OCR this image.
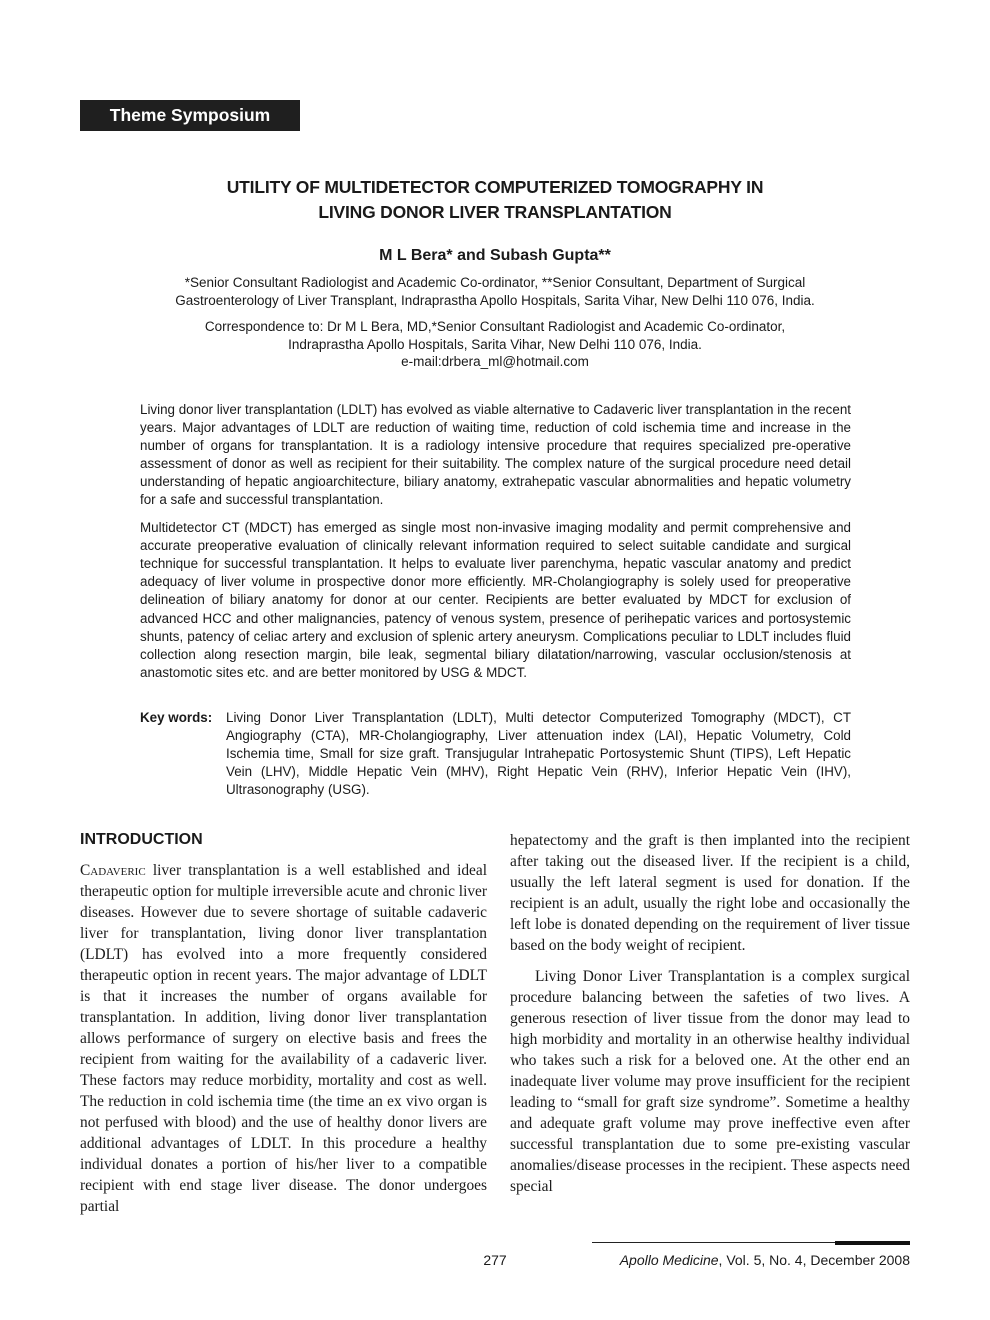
Theme Symposium
UTILITY OF MULTIDETECTOR COMPUTERIZED TOMOGRAPHY IN
LIVING DONOR LIVER TRANSPLANTATION
M L Bera* and Subash Gupta**
*Senior Consultant Radiologist and Academic Co-ordinator, **Senior Consultant, Department of Surgical
Gastroenterology of Liver Transplant, Indraprastha Apollo Hospitals, Sarita Vihar, New Delhi 110 076, India.
Correspondence to: Dr M L Bera, MD,*Senior Consultant Radiologist and Academic Co-ordinator,
Indraprastha Apollo Hospitals, Sarita Vihar, New Delhi 110 076, India.
e-mail:drbera_ml@hotmail.com

Living donor liver transplantation (LDLT) has evolved as viable alternative to Cadaveric liver transplantation in the recent years. Major advantages of LDLT are reduction of waiting time, reduction of cold ischemia time and increase in the number of organs for transplantation. It is a radiology intensive procedure that requires specialized pre-operative assessment of donor as well as recipient for their suitability. The complex nature of the surgical procedure need detail understanding of hepatic angioarchitecture, biliary anatomy, extrahepatic vascular abnormalities and hepatic volumetry for a safe and successful transplantation.

Multidetector CT (MDCT) has emerged as single most non-invasive imaging modality and permit comprehensive and accurate preoperative evaluation of clinically relevant information required to select suitable candidate and surgical technique for successful transplantation. It helps to evaluate liver parenchyma, hepatic vascular anatomy and predict adequacy of liver volume in prospective donor more efficiently. MR-Cholangiography is solely used for preoperative delineation of biliary anatomy for donor at our center. Recipients are better evaluated by MDCT for exclusion of advanced HCC and other malignancies, patency of venous system, presence of perihepatic varices and portosystemic shunts, patency of celiac artery and exclusion of splenic artery aneurysm. Complications peculiar to LDLT includes fluid collection along resection margin, bile leak, segmental biliary dilatation/narrowing, vascular occlusion/stenosis at anastomotic sites etc. and are better monitored by USG & MDCT.

Key words:	Living Donor Liver Transplantation (LDLT), Multi detector Computerized Tomography (MDCT), CT Angiography (CTA), MR-Cholangiography, Liver attenuation index (LAI), Hepatic Volumetry, Cold Ischemia time, Small for size graft. Transjugular Intrahepatic Portosystemic Shunt (TIPS), Left Hepatic Vein (LHV), Middle Hepatic Vein (MHV), Right Hepatic Vein (RHV), Inferior Hepatic Vein (IHV), Ultrasonography (USG).
INTRODUCTION

Cadaveric liver transplantation is a well established and ideal therapeutic option for multiple irreversible acute and chronic liver diseases. However due to severe shortage of suitable cadaveric liver for transplantation, living donor liver transplantation (LDLT) has evolved into a more frequently considered therapeutic option in recent years. The major advantage of LDLT is that it increases the number of organs available for transplantation. In addition, living donor liver transplantation allows performance of surgery on elective basis and frees the recipient from waiting for the availability of a cadaveric liver. These factors may reduce morbidity, mortality and cost as well. The reduction in cold ischemia time (the time an ex vivo organ is not perfused with blood) and the use of healthy donor livers are additional advantages of LDLT. In this procedure a healthy individual donates a portion of his/her liver to a compatible recipient with end stage liver disease. The donor undergoes partial

hepatectomy and the graft is then implanted into the recipient after taking out the diseased liver. If the recipient is a child, usually the left lateral segment is used for donation. If the recipient is an adult, usually the right lobe and occasionally the left lobe is donated depending on the requirement of liver tissue based on the body weight of recipient.

Living Donor Liver Transplantation is a complex surgical procedure balancing between the safeties of two lives. A generous resection of liver tissue from the donor may lead to high morbidity and mortality in an otherwise healthy individual who takes such a risk for a beloved one. At the other end an inadequate liver volume may prove insufficient for the recipient leading to “small for graft size syndrome”. Sometime a healthy and adequate graft volume may prove ineffective even after successful transplantation due to some pre-existing vascular anomalies/disease processes in the recipient. These aspects need special

277	Apollo Medicine, Vol. 5, No. 4, December 2008
